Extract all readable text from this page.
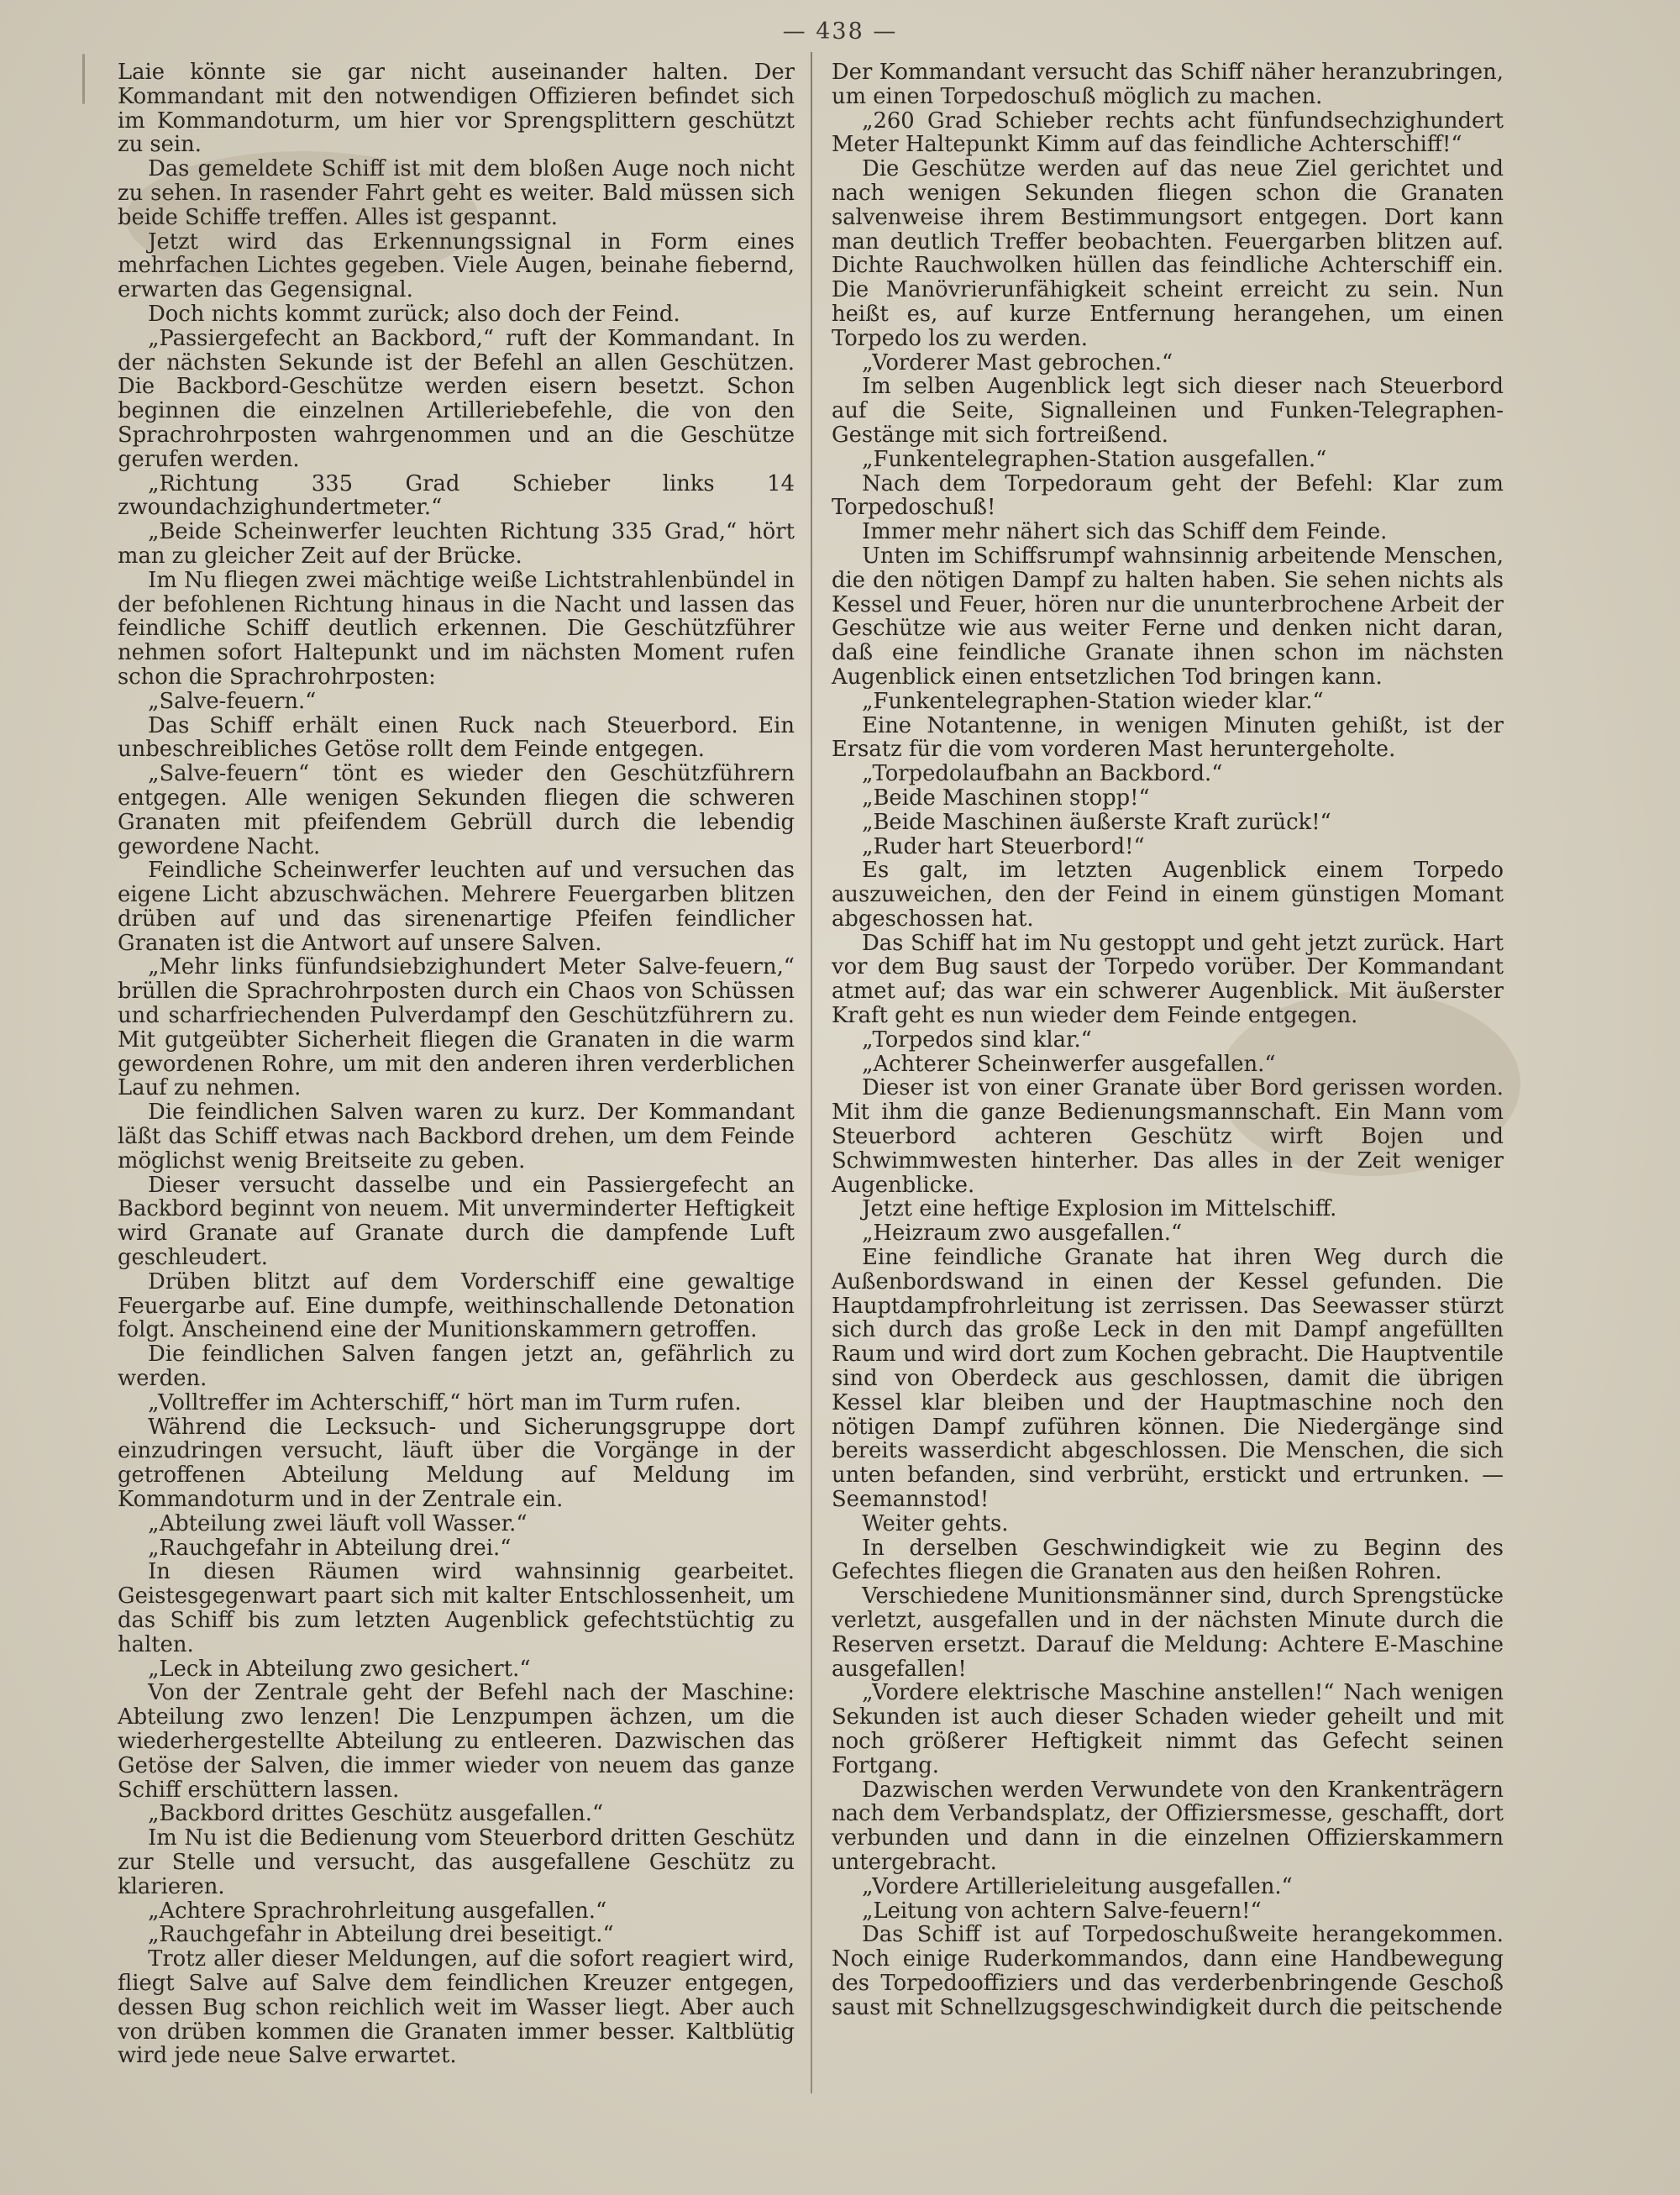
— 438 —

Laie könnte sie gar nicht auseinander halten. Der Kommandant mit den notwendigen Offizieren befindet sich im Kommandoturm, um hier vor Sprengsplittern geschützt zu sein.

Das gemeldete Schiff ist mit dem bloßen Auge noch nicht zu sehen. In rasender Fahrt geht es weiter. Bald müssen sich beide Schiffe treffen. Alles ist gespannt.

Jetzt wird das Erkennungssignal in Form eines mehrfachen Lichtes gegeben. Viele Augen, beinahe fiebernd, erwarten das Gegensignal.

Doch nichts kommt zurück; also doch der Feind.

„Passiergefecht an Backbord,“ ruft der Kommandant. In der nächsten Sekunde ist der Befehl an allen Geschützen. Die Backbord-Geschütze werden eisern besetzt. Schon beginnen die einzelnen Artilleriebefehle, die von den Sprachrohrposten wahrgenommen und an die Geschütze gerufen werden.

„Richtung 335 Grad Schieber links 14 zwoundachzighundertmeter.“

„Beide Scheinwerfer leuchten Richtung 335 Grad,“ hört man zu gleicher Zeit auf der Brücke.

Im Nu fliegen zwei mächtige weiße Lichtstrahlenbündel in der befohlenen Richtung hinaus in die Nacht und lassen das feindliche Schiff deutlich erkennen. Die Geschützführer nehmen sofort Haltepunkt und im nächsten Moment rufen schon die Sprachrohrposten:

„Salve-feuern.“

Das Schiff erhält einen Ruck nach Steuerbord. Ein unbeschreibliches Getöse rollt dem Feinde entgegen.

„Salve-feuern“ tönt es wieder den Geschützführern entgegen. Alle wenigen Sekunden fliegen die schweren Granaten mit pfeifendem Gebrüll durch die lebendig gewordene Nacht.

Feindliche Scheinwerfer leuchten auf und versuchen das eigene Licht abzuschwächen. Mehrere Feuergarben blitzen drüben auf und das sirenenartige Pfeifen feindlicher Granaten ist die Antwort auf unsere Salven.

„Mehr links fünfundsiebzighundert Meter Salve-feuern,“ brüllen die Sprachrohrposten durch ein Chaos von Schüssen und scharfriechenden Pulverdampf den Geschützführern zu. Mit gutgeübter Sicherheit fliegen die Granaten in die warm gewordenen Rohre, um mit den anderen ihren verderblichen Lauf zu nehmen.

Die feindlichen Salven waren zu kurz. Der Kommandant läßt das Schiff etwas nach Backbord drehen, um dem Feinde möglichst wenig Breitseite zu geben.

Dieser versucht dasselbe und ein Passiergefecht an Backbord beginnt von neuem. Mit unverminderter Heftigkeit wird Granate auf Granate durch die dampfende Luft geschleudert.

Drüben blitzt auf dem Vorderschiff eine gewaltige Feuergarbe auf. Eine dumpfe, weithinschallende Detonation folgt. Anscheinend eine der Munitionskammern getroffen.

Die feindlichen Salven fangen jetzt an, gefährlich zu werden.

„Volltreffer im Achterschiff,“ hört man im Turm rufen.

Während die Lecksuch- und Sicherungsgruppe dort einzudringen versucht, läuft über die Vorgänge in der getroffenen Abteilung Meldung auf Meldung im Kommandoturm und in der Zentrale ein.

„Abteilung zwei läuft voll Wasser.“

„Rauchgefahr in Abteilung drei.“

In diesen Räumen wird wahnsinnig gearbeitet. Geistesgegenwart paart sich mit kalter Entschlossenheit, um das Schiff bis zum letzten Augenblick gefechtstüchtig zu halten.

„Leck in Abteilung zwo gesichert.“

Von der Zentrale geht der Befehl nach der Maschine: Abteilung zwo lenzen! Die Lenzpumpen ächzen, um die wiederhergestellte Abteilung zu entleeren. Dazwischen das Getöse der Salven, die immer wieder von neuem das ganze Schiff erschüttern lassen.

„Backbord drittes Geschütz ausgefallen.“

Im Nu ist die Bedienung vom Steuerbord dritten Geschütz zur Stelle und versucht, das ausgefallene Geschütz zu klarieren.

„Achtere Sprachrohrleitung ausgefallen.“

„Rauchgefahr in Abteilung drei beseitigt.“

Trotz aller dieser Meldungen, auf die sofort reagiert wird, fliegt Salve auf Salve dem feindlichen Kreuzer entgegen, dessen Bug schon reichlich weit im Wasser liegt. Aber auch von drüben kommen die Granaten immer besser. Kaltblütig wird jede neue Salve erwartet.

Der Kommandant versucht das Schiff näher heranzubringen, um einen Torpedoschuß möglich zu machen.

„260 Grad Schieber rechts acht fünfundsechzighundert Meter Haltepunkt Kimm auf das feindliche Achterschiff!“

Die Geschütze werden auf das neue Ziel gerichtet und nach wenigen Sekunden fliegen schon die Granaten salvenweise ihrem Bestimmungsort entgegen. Dort kann man deutlich Treffer beobachten. Feuergarben blitzen auf. Dichte Rauchwolken hüllen das feindliche Achterschiff ein. Die Manövrierunfähigkeit scheint erreicht zu sein. Nun heißt es, auf kurze Entfernung herangehen, um einen Torpedo los zu werden.

„Vorderer Mast gebrochen.“

Im selben Augenblick legt sich dieser nach Steuerbord auf die Seite, Signalleinen und Funken-Telegraphen-Gestänge mit sich fortreißend.

„Funkentelegraphen-Station ausgefallen.“

Nach dem Torpedoraum geht der Befehl: Klar zum Torpedoschuß!

Immer mehr nähert sich das Schiff dem Feinde.

Unten im Schiffsrumpf wahnsinnig arbeitende Menschen, die den nötigen Dampf zu halten haben. Sie sehen nichts als Kessel und Feuer, hören nur die ununterbrochene Arbeit der Geschütze wie aus weiter Ferne und denken nicht daran, daß eine feindliche Granate ihnen schon im nächsten Augenblick einen entsetzlichen Tod bringen kann.

„Funkentelegraphen-Station wieder klar.“

Eine Notantenne, in wenigen Minuten gehißt, ist der Ersatz für die vom vorderen Mast heruntergeholte.

„Torpedolaufbahn an Backbord.“

„Beide Maschinen stopp!“

„Beide Maschinen äußerste Kraft zurück!“

„Ruder hart Steuerbord!“

Es galt, im letzten Augenblick einem Torpedo auszuweichen, den der Feind in einem günstigen Momant abgeschossen hat.

Das Schiff hat im Nu gestoppt und geht jetzt zurück. Hart vor dem Bug saust der Torpedo vorüber. Der Kommandant atmet auf; das war ein schwerer Augenblick. Mit äußerster Kraft geht es nun wieder dem Feinde entgegen.

„Torpedos sind klar.“

„Achterer Scheinwerfer ausgefallen.“

Dieser ist von einer Granate über Bord gerissen worden. Mit ihm die ganze Bedienungsmannschaft. Ein Mann vom Steuerbord achteren Geschütz wirft Bojen und Schwimmwesten hinterher. Das alles in der Zeit weniger Augenblicke.

Jetzt eine heftige Explosion im Mittelschiff.

„Heizraum zwo ausgefallen.“

Eine feindliche Granate hat ihren Weg durch die Außenbordswand in einen der Kessel gefunden. Die Hauptdampfrohrleitung ist zerrissen. Das Seewasser stürzt sich durch das große Leck in den mit Dampf angefüllten Raum und wird dort zum Kochen gebracht. Die Hauptventile sind von Oberdeck aus geschlossen, damit die übrigen Kessel klar bleiben und der Hauptmaschine noch den nötigen Dampf zuführen können. Die Niedergänge sind bereits wasserdicht abgeschlossen. Die Menschen, die sich unten befanden, sind verbrüht, erstickt und ertrunken. — Seemannstod!

Weiter gehts.

In derselben Geschwindigkeit wie zu Beginn des Gefechtes fliegen die Granaten aus den heißen Rohren.

Verschiedene Munitionsmänner sind, durch Sprengstücke verletzt, ausgefallen und in der nächsten Minute durch die Reserven ersetzt. Darauf die Meldung: Achtere E-Maschine ausgefallen!

„Vordere elektrische Maschine anstellen!“ Nach wenigen Sekunden ist auch dieser Schaden wieder geheilt und mit noch größerer Heftigkeit nimmt das Gefecht seinen Fortgang.

Dazwischen werden Verwundete von den Krankenträgern nach dem Verbandsplatz, der Offiziersmesse, geschafft, dort verbunden und dann in die einzelnen Offizierskammern untergebracht.

„Vordere Artillerieleitung ausgefallen.“

„Leitung von achtern Salve-feuern!“

Das Schiff ist auf Torpedoschußweite herangekommen. Noch einige Ruderkommandos, dann eine Handbewegung des Torpedooffiziers und das verderbenbringende Geschoß saust mit Schnellzugsgeschwindigkeit durch die peitschende
